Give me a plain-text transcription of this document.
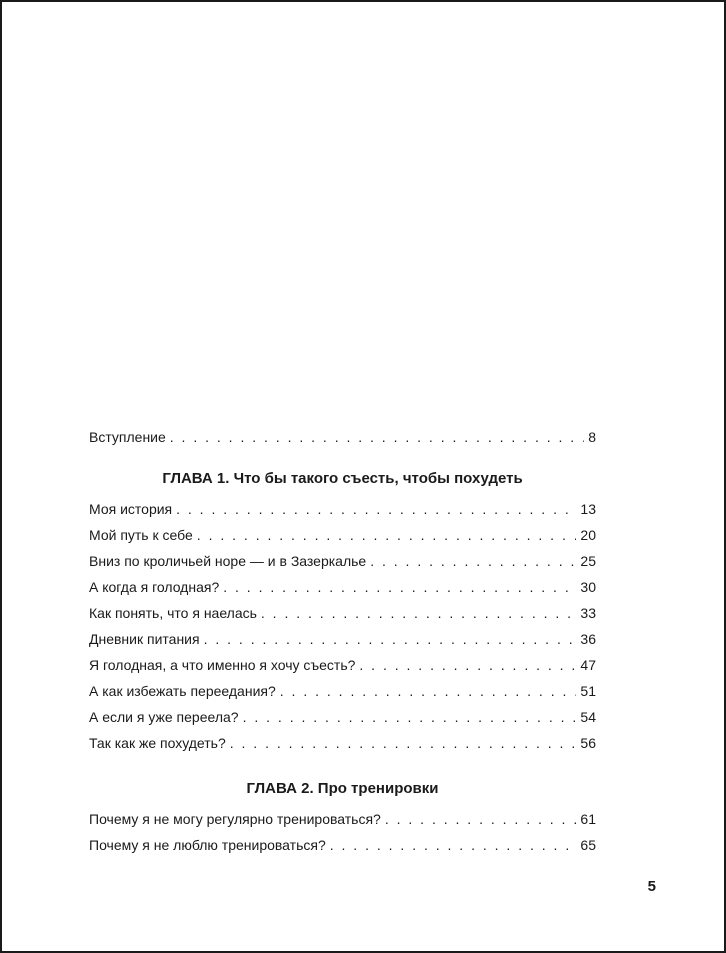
Вступление . . .	8
ГЛАВА 1. Что бы такого съесть, чтобы похудеть
Моя история . . .	13
Мой путь к себе . . .	20
Вниз по кроличьей норе — и в Зазеркалье . . .	25
А когда я голодная? . . .	30
Как понять, что я наелась . . .	33
Дневник питания . . .	36
Я голодная, а что именно я хочу съесть? . . .	47
А как избежать переедания? . . .	51
А если я уже переела? . . .	54
Так как же похудеть? . . .	56
ГЛАВА 2. Про тренировки
Почему я не могу регулярно тренироваться? . . .	61
Почему я не люблю тренироваться? . . .	65
5
